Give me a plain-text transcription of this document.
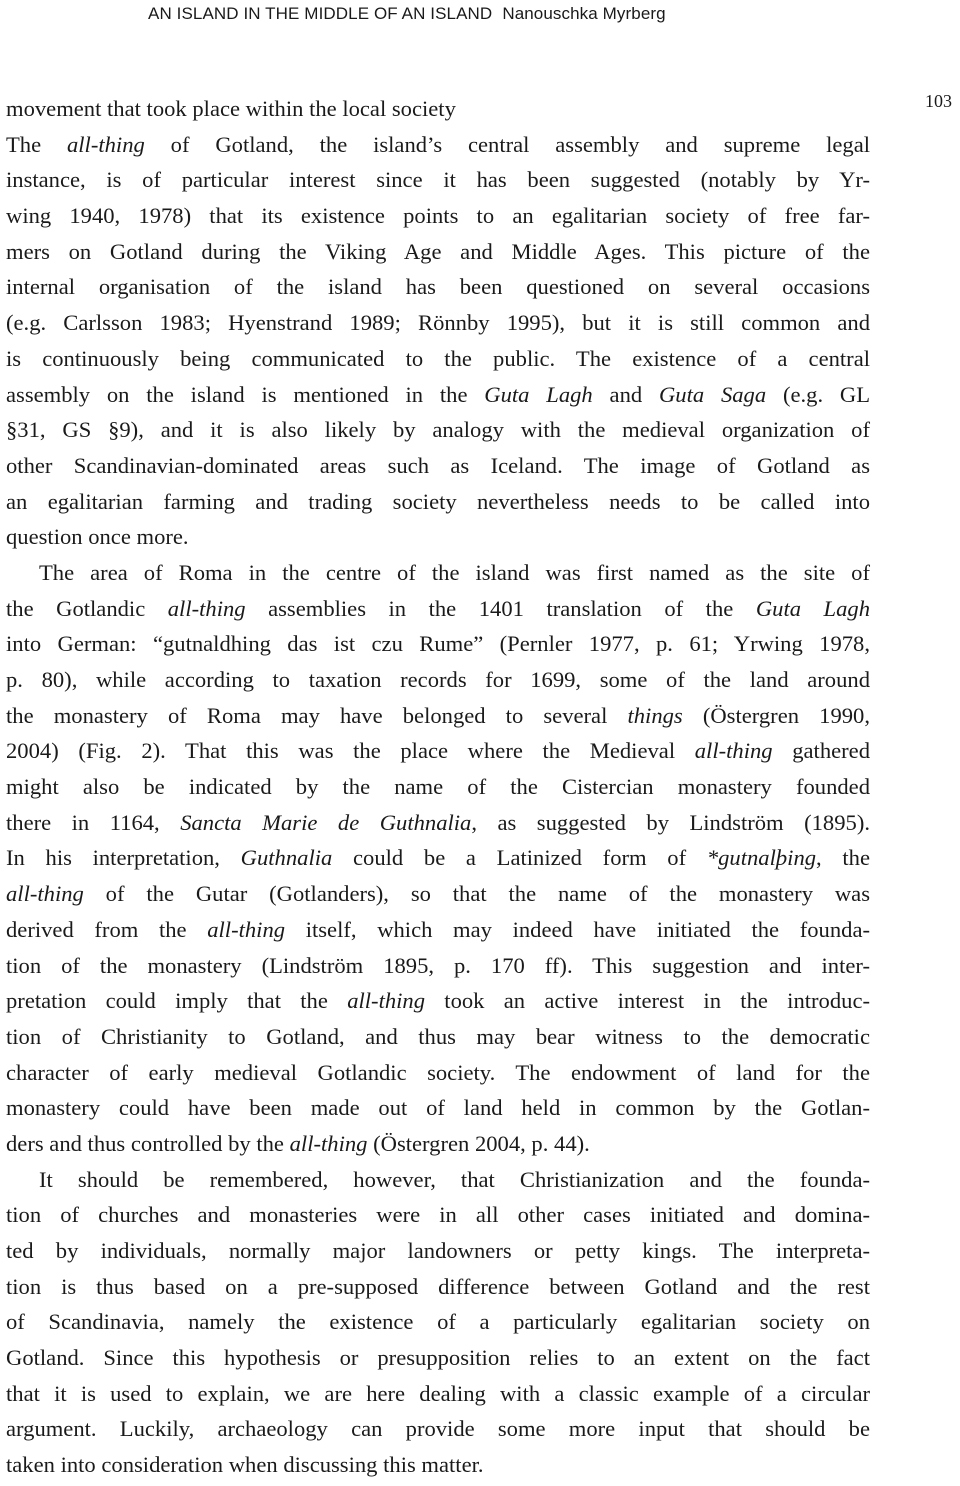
AN ISLAND IN THE MIDDLE OF AN ISLAND Nanouschka Myrberg
103
movement that took place within the local society
The all-thing of Gotland, the island’s central assembly and supreme legal
instance, is of particular interest since it has been suggested (notably by Yr-
wing 1940, 1978) that its existence points to an egalitarian society of free far-
mers on Gotland during the Viking Age and Middle Ages. This picture of the
internal organisation of the island has been questioned on several occasions
(e.g. Carlsson 1983; Hyenstrand 1989; Rönnby 1995), but it is still common and
is continuously being communicated to the public. The existence of a central
assembly on the island is mentioned in the Guta Lagh and Guta Saga (e.g. GL
§31, GS §9), and it is also likely by analogy with the medieval organization of
other Scandinavian-dominated areas such as Iceland. The image of Gotland as
an egalitarian farming and trading society nevertheless needs to be called into
question once more.
The area of Roma in the centre of the island was first named as the site of
the Gotlandic all-thing assemblies in the 1401 translation of the Guta Lagh
into German: “gutnaldhing das ist czu Rume” (Pernler 1977, p. 61; Yrwing 1978,
p. 80), while according to taxation records for 1699, some of the land around
the monastery of Roma may have belonged to several things (Östergren 1990,
2004) (Fig. 2). That this was the place where the Medieval all-thing gathered
might also be indicated by the name of the Cistercian monastery founded
there in 1164, Sancta Marie de Guthnalia, as suggested by Lindström (1895).
In his interpretation, Guthnalia could be a Latinized form of *gutnalþing, the
all-thing of the Gutar (Gotlanders), so that the name of the monastery was
derived from the all-thing itself, which may indeed have initiated the founda-
tion of the monastery (Lindström 1895, p. 170 ff). This suggestion and inter-
pretation could imply that the all-thing took an active interest in the introduc-
tion of Christianity to Gotland, and thus may bear witness to the democratic
character of early medieval Gotlandic society. The endowment of land for the
monastery could have been made out of land held in common by the Gotlan-
ders and thus controlled by the all-thing (Östergren 2004, p. 44).
It should be remembered, however, that Christianization and the founda-
tion of churches and monasteries were in all other cases initiated and domina-
ted by individuals, normally major landowners or petty kings. The interpreta-
tion is thus based on a pre-supposed difference between Gotland and the rest
of Scandinavia, namely the existence of a particularly egalitarian society on
Gotland. Since this hypothesis or presupposition relies to an extent on the fact
that it is used to explain, we are here dealing with a classic example of a circular
argument. Luckily, archaeology can provide some more input that should be
taken into consideration when discussing this matter.
